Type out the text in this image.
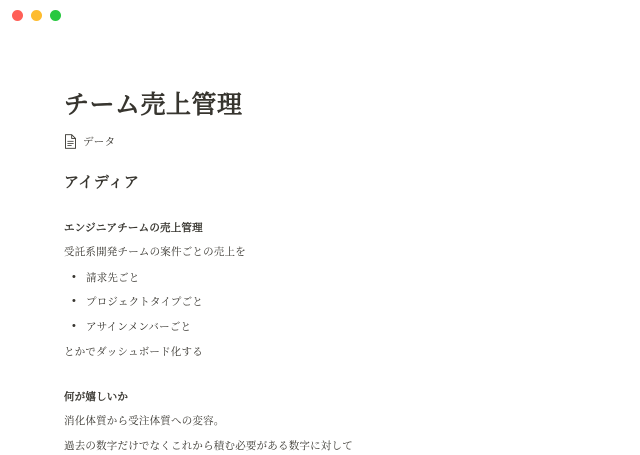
チーム売上管理
データ
アイディア
エンジニアチームの売上管理

受託系開発チームの案件ごとの売上を

• 請求先ごと
• プロジェクトタイプごと
• アサインメンバーごと

とかでダッシュボード化する

何が嬉しいか

消化体質から受注体質への変容。

過去の数字だけでなくこれから積む必要がある数字に対して
